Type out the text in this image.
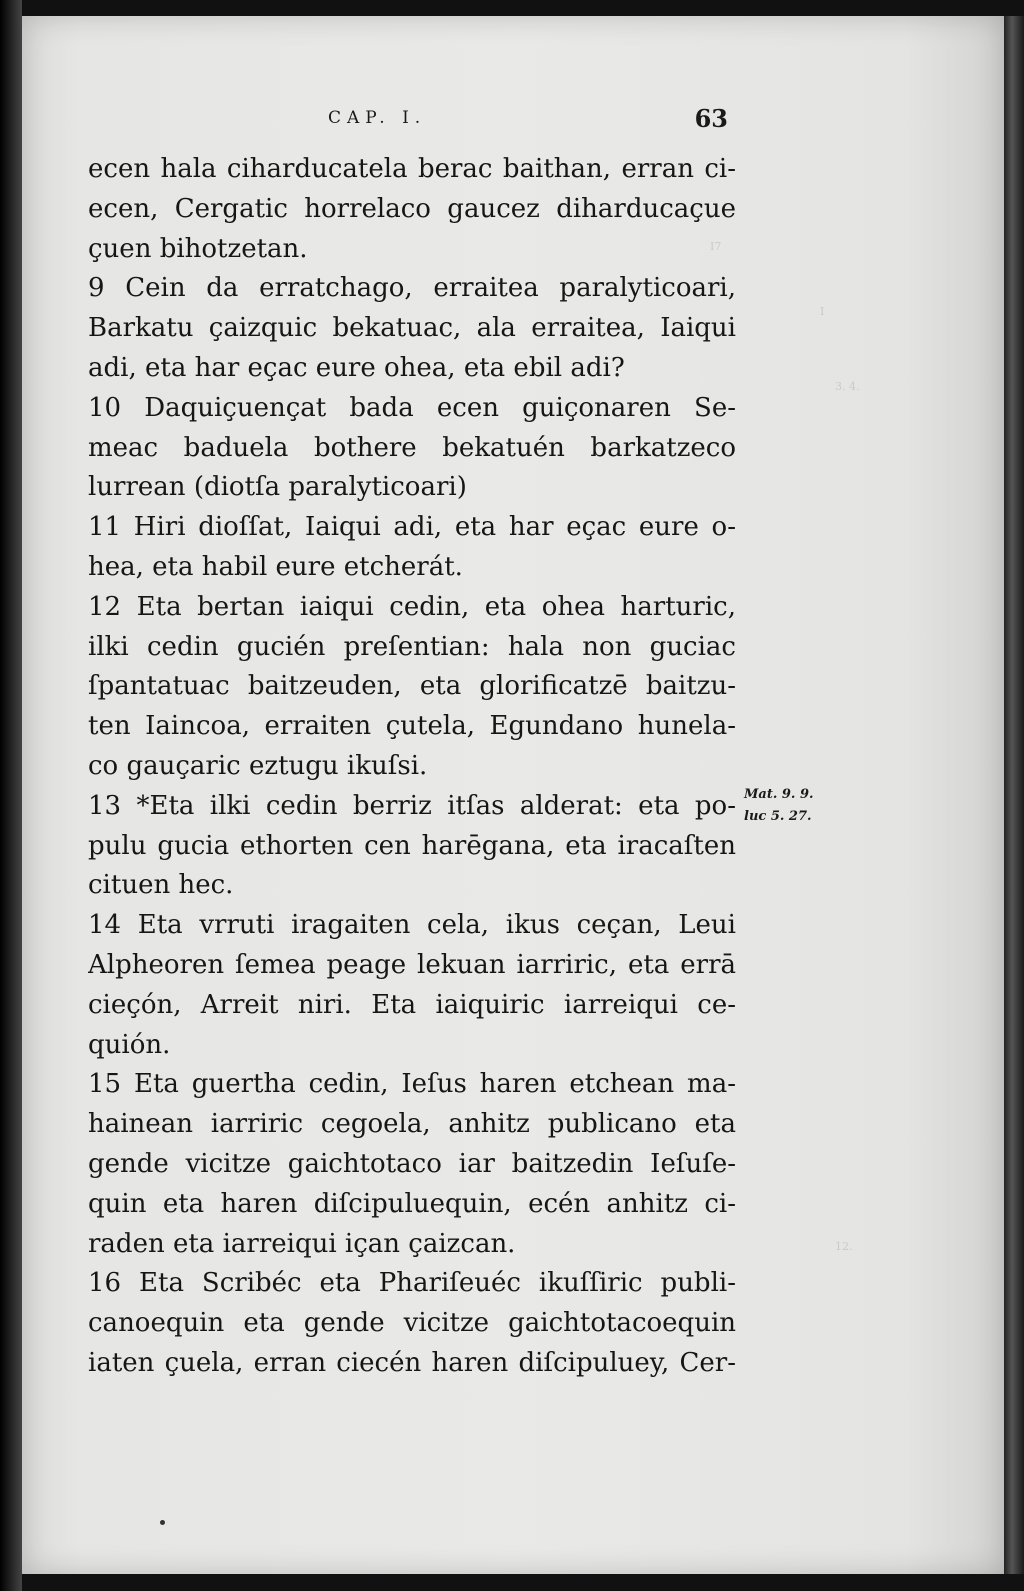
I7
I
3. 4.
12.
CAP. I.	63
ecen hala ciharducatela berac baithan, erran ci-
ecen, Cergatic horrelaco gaucez diharducaçue
çuen bihotzetan.
9 Cein da erratchago, erraitea paralyticoari,
Barkatu çaizquic bekatuac, ala erraitea, Iaiqui
adi, eta har eçac eure ohea, eta ebil adi?
10 Daquiçuençat bada ecen guiçonaren Se-
meac baduela bothere bekatuén barkatzeco
lurrean (diotſa paralyticoari)
11 Hiri dioſſat, Iaiqui adi, eta har eçac eure o-
hea, eta habil eure etcherát.
12 Eta bertan iaiqui cedin, eta ohea harturic,
ilki cedin gucién preſentian: hala non guciac
ſpantatuac baitzeuden, eta glorificatzē baitzu-
ten Iaincoa, erraiten çutela, Egundano hunela-
co gauçaric eztugu ikuſsi.
13 *Eta ilki cedin berriz itſas alderat: eta po-
pulu gucia ethorten cen harēgana, eta iracaſten
cituen hec.
14 Eta vrruti iragaiten cela, ikus ceçan, Leui
Alpheoren ſemea peage lekuan iarriric, eta errā
cieçón, Arreit niri. Eta iaiquiric iarreiqui ce-
quión.
15 Eta guertha cedin, Ieſus haren etchean ma-
hainean iarriric cegoela, anhitz publicano eta
gende vicitze gaichtotaco iar baitzedin Ieſuſe-
quin eta haren diſcipuluequin, ecén anhitz ci-
raden eta iarreiqui içan çaizcan.
16 Eta Scribéc eta Phariſeuéc ikuſſiric publi-
canoequin eta gende vicitze gaichtotacoequin
iaten çuela, erran ciecén haren diſcipuluey, Cer-
Mat. 9. 9.
luc 5. 27.
